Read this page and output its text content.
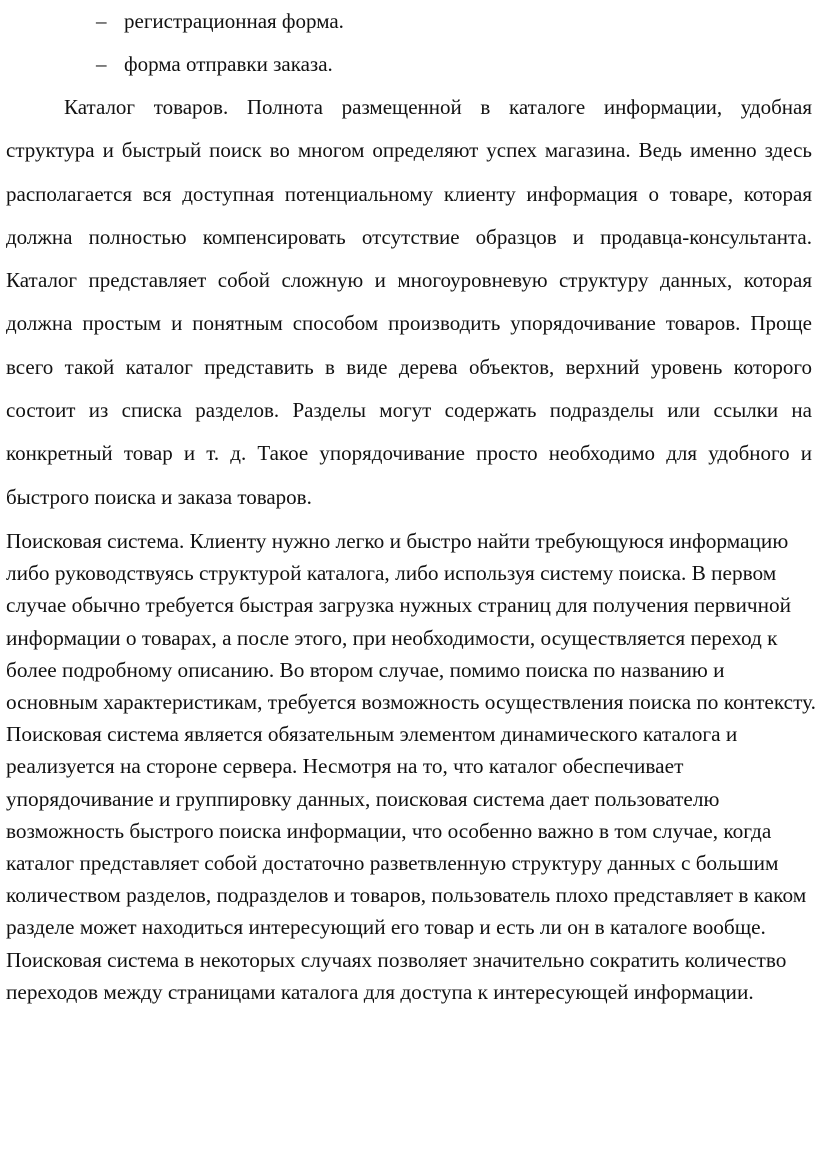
– регистрационная форма.
– форма отправки заказа.

Каталог товаров. Полнота размещенной в каталоге информации, удобная структура и быстрый поиск во многом определяют успех магазина. Ведь именно здесь располагается вся доступная потенциальному клиенту информация о товаре, которая должна полностью компенсировать отсутствие образцов и продавца-консультанта. Каталог представляет собой сложную и многоуровневую структуру данных, которая должна простым и понятным способом производить упорядочивание товаров. Проще всего такой каталог представить в виде дерева объектов, верхний уровень которого состоит из списка разделов. Разделы могут содержать подразделы или ссылки на конкретный товар и т. д. Такое упорядочивание просто необходимо для удобного и быстрого поиска и заказа товаров.

Поисковая система. Клиенту нужно легко и быстро найти требующуюся информацию либо руководствуясь структурой каталога, либо используя систему поиска. В первом случае обычно требуется быстрая загрузка нужных страниц для получения первичной информации о товарах, а после этого, при необходимости, осуществляется переход к более подробному описанию. Во втором случае, помимо поиска по названию и основным характеристикам, требуется возможность осуществления поиска по контексту. Поисковая система является обязательным элементом динамического каталога и реализуется на стороне сервера. Несмотря на то, что каталог обеспечивает упорядочивание и группировку данных, поисковая система дает пользователю возможность быстрого поиска информации, что особенно важно в том случае, когда каталог представляет собой достаточно разветвленную структуру данных с большим количеством разделов, подразделов и товаров, пользователь плохо представляет в каком разделе может находиться интересующий его товар и есть ли он в каталоге вообще. Поисковая система в некоторых случаях позволяет значительно сократить количество переходов между страницами каталога для доступа к интересующей информации.
